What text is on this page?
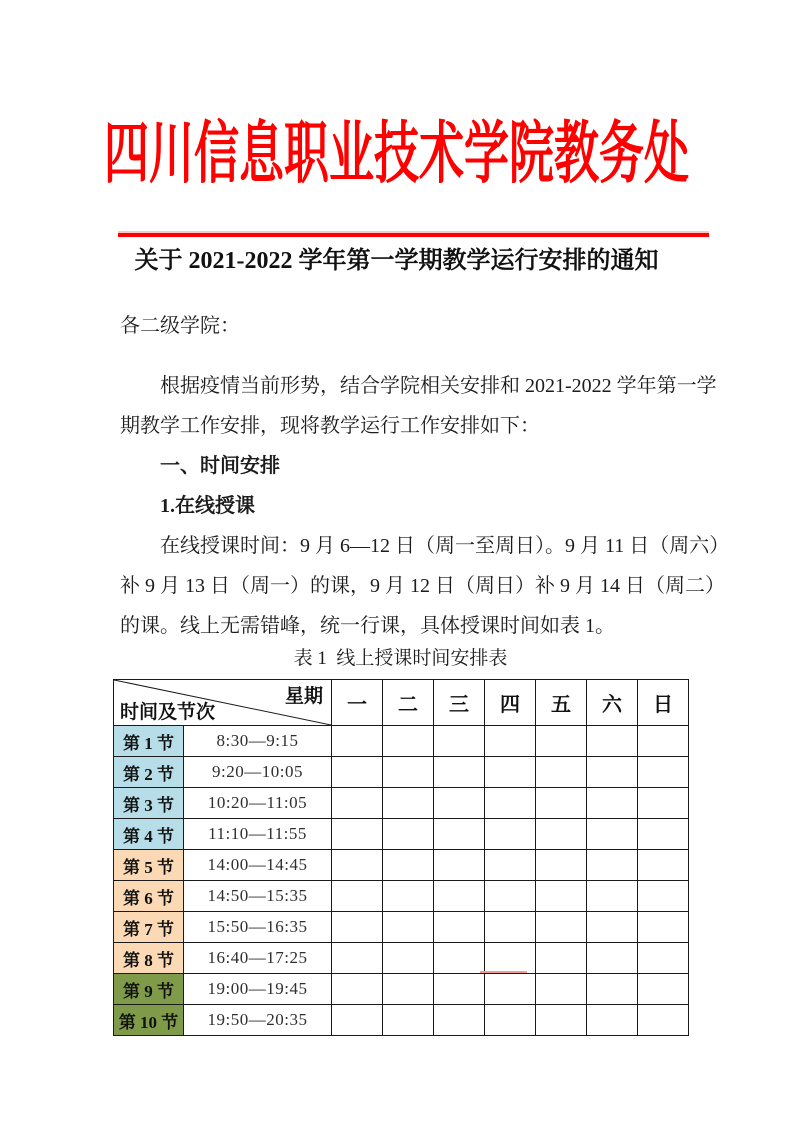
四川信息职业技术学院教务处
关于 2021-2022 学年第一学期教学运行安排的通知
各二级学院：
根据疫情当前形势，结合学院相关安排和 2021-2022 学年第一学
期教学工作安排，现将教学运行工作安排如下：
一、时间安排
1.在线授课
在线授课时间：9 月 6—12 日（周一至周日）。9 月 11 日（周六）
补 9 月 13 日（周一）的课，9 月 12 日（周日）补 9 月 14 日（周二）
的课。线上无需错峰，统一行课，具体授课时间如表 1。
表 1  线上授课时间安排表
星期
时间及节次		一	二	三	四	五	六	日
第 1 节	8:30—9:15							
第 2 节	9:20—10:05							
第 3 节	10:20—11:05							
第 4 节	11:10—11:55							
第 5 节	14:00—14:45							
第 6 节	14:50—15:35							
第 7 节	15:50—16:35							
第 8 节	16:40—17:25							
第 9 节	19:00—19:45							
第 10 节	19:50—20:35							
